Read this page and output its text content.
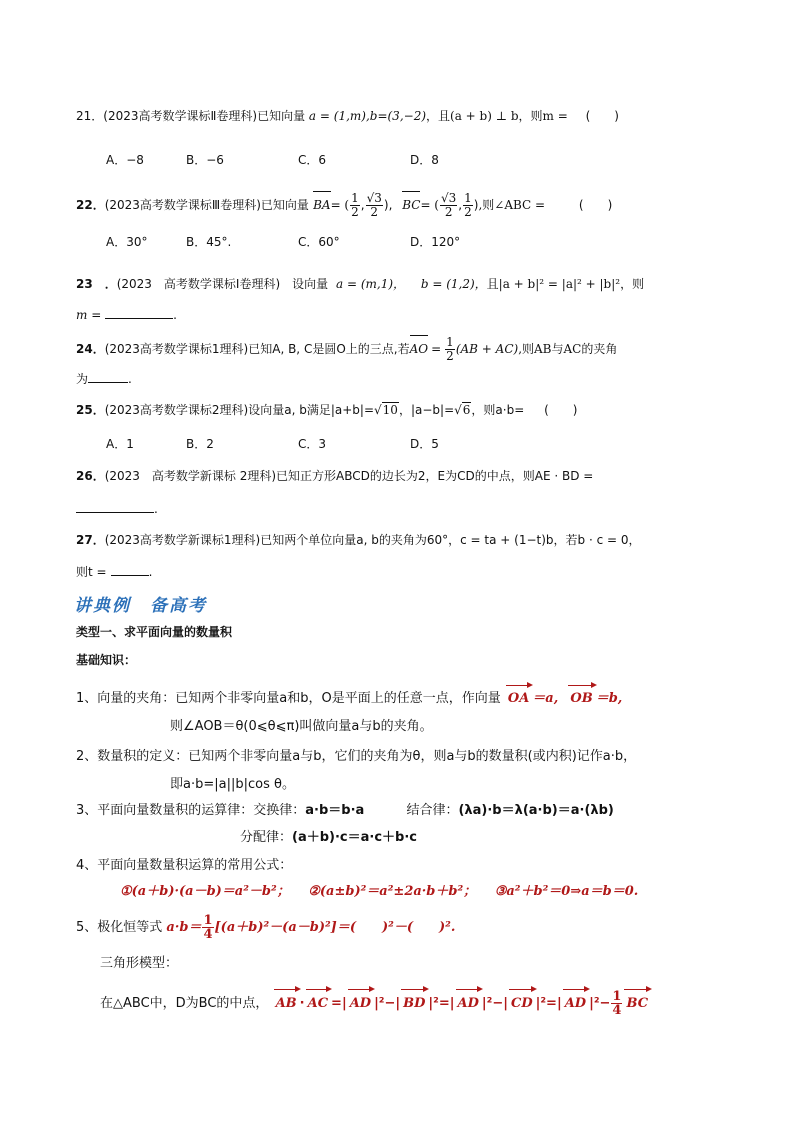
21．(2023高考数学课标Ⅱ卷理科)已知向量 a = (1,m),b=(3,−2)，且(a + b) ⊥ b，则m = (　　)
A．−8	B．−6	C．6	D．8
22．(2023高考数学课标Ⅲ卷理科)已知向量 BA= ( $\frac{1}{2}$ , $\frac{√3}{2}$ ), BC= ( $\frac{√3}{2}$ , $\frac{1}{2}$ ),则∠ABC =	(　　)
A．30°	B．45°.	C．60°	D．120°
23　．(2023　高考数学课标Ⅰ卷理科)　设向量 a = (m,1)， b = (1,2)，且|a + b|² = |a|² + |b|²，则
m =	.
24．(2023高考数学课标1理科)已知A, B, C是圆O上的三点,若AO = $\frac{1}{2} (AB + AC)$,则AB与AC的夹角
为	.
25．(2023高考数学课标2理科)设向量a, b满足|a+b|=√10，|a−b|=√6，则a·b= (　　)
A．1	B．2	C．3	D．5
26．(2023　高考数学新课标 2理科)已知正方形ABCD的边长为2，E为CD的中点，则AE · BD =
.
27．(2023高考数学新课标1理科)已知两个单位向量a, b的夹角为60°，c = ta + (1−t)b，若b · c = 0，
则t =	.
讲典例　备高考
类型一、求平面向量的数量积
基础知识：
1、向量的夹角：已知两个非零向量a和b，O是平面上的任意一点，作向量 OA ＝a, OB ＝b,
则∠AOB＝θ(0⩽θ⩽π)叫做向量a与b的夹角。
2、数量积的定义：已知两个非零向量a与b，它们的夹角为θ，则a与b的数量积(或内积)记作a·b，
即a·b=|a||b|cos θ。
3、平面向量数量积的运算律：交换律：a·b＝b·a	结合律：(λa)·b＝λ(a·b)＝a·(λb)
分配律：(a＋b)·c＝a·c＋b·c
4、平面向量数量积运算的常用公式：
①(a＋b)·(a－b)＝a²－b²； ②(a±b)²＝a²±2a·b＋b²； ③a²＋b²＝0⇒a＝b＝0.
5、极化恒等式 $a\cdot b= \frac{1}{4} [(a+b)^2-(a-b)^2]=$(　　)²－(　　)².
三角形模型：
在△ABC中，D为BC的中点， AB · AC =| AD |²−| BD |²=| AD |²−| CD |²=| AD $|^2- \frac{1}{4}$ BC
